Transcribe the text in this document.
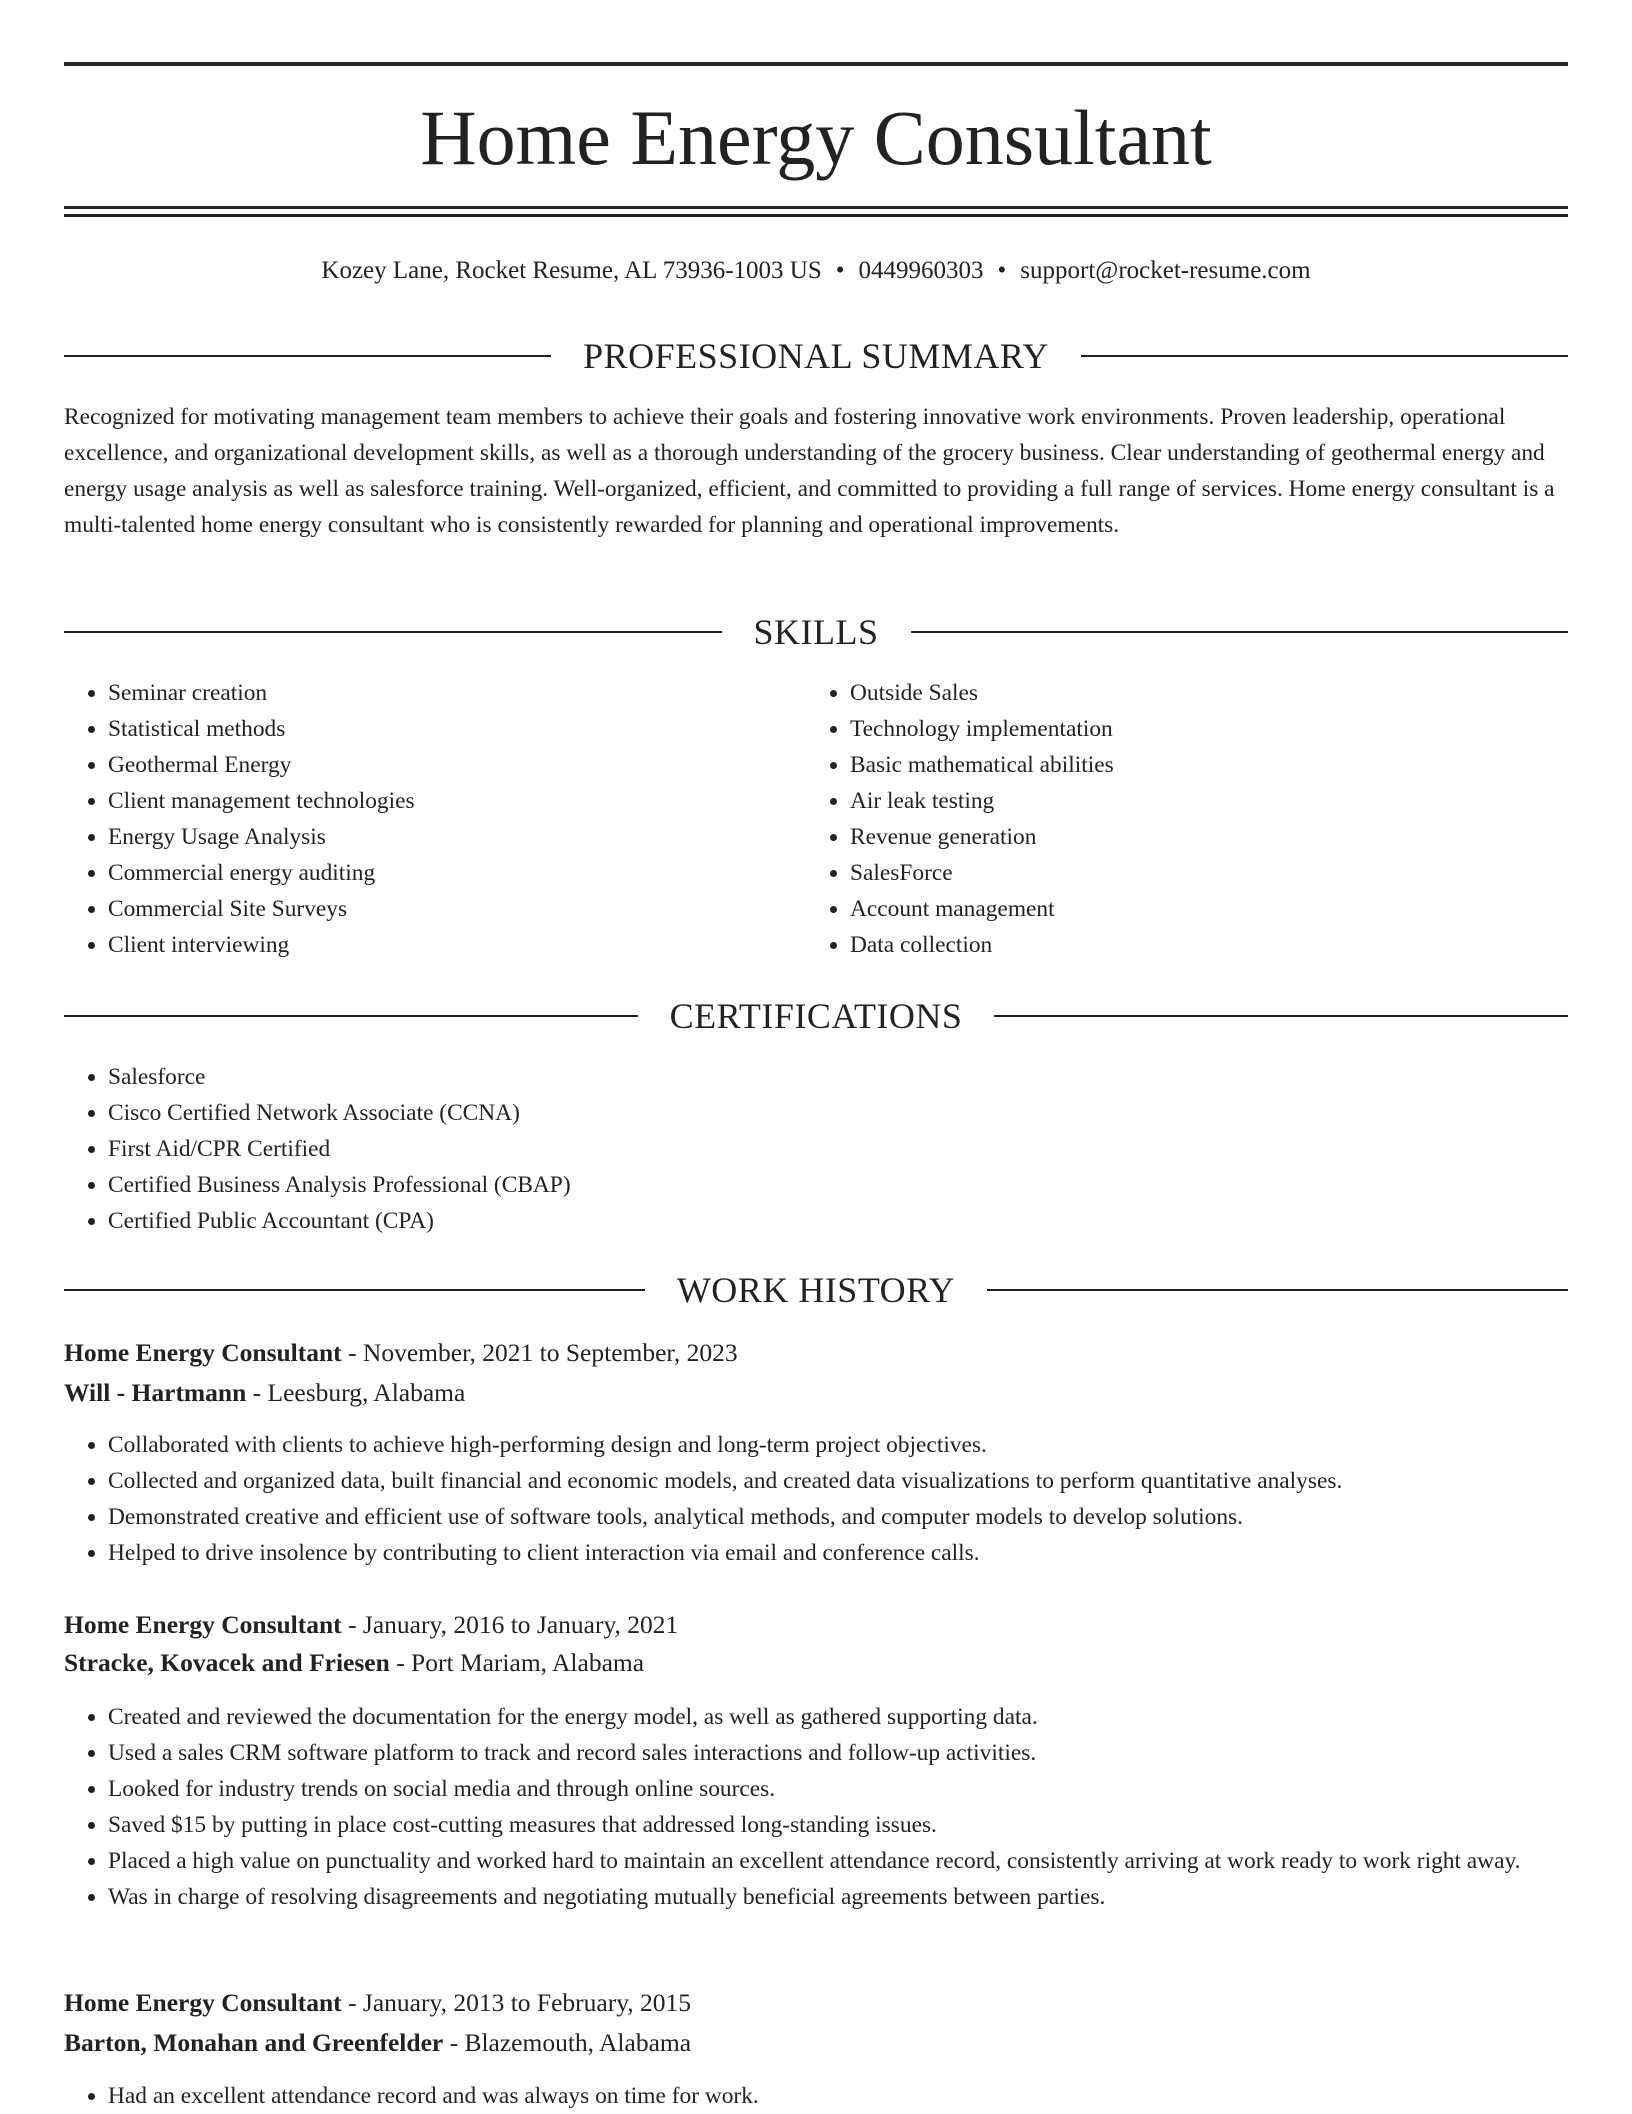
Home Energy Consultant
Kozey Lane, Rocket Resume, AL 73936-1003 US • 0449960303 • support@rocket-resume.com
PROFESSIONAL SUMMARY

Recognized for motivating management team members to achieve their goals and fostering innovative work environments. Proven leadership, operational excellence, and organizational development skills, as well as a thorough understanding of the grocery business. Clear understanding of geothermal energy and energy usage analysis as well as salesforce training. Well-organized, efficient, and committed to providing a full range of services. Home energy consultant is a multi-talented home energy consultant who is consistently rewarded for planning and operational improvements.

SKILLS
• Seminar creation
• Statistical methods
• Geothermal Energy
• Client management technologies
• Energy Usage Analysis
• Commercial energy auditing
• Commercial Site Surveys
• Client interviewing
• Outside Sales
• Technology implementation
• Basic mathematical abilities
• Air leak testing
• Revenue generation
• SalesForce
• Account management
• Data collection
CERTIFICATIONS
• Salesforce
• Cisco Certified Network Associate (CCNA)
• First Aid/CPR Certified
• Certified Business Analysis Professional (CBAP)
• Certified Public Accountant (CPA)
WORK HISTORY
Home Energy Consultant - November, 2021 to September, 2023
Will - Hartmann - Leesburg, Alabama
• Collaborated with clients to achieve high-performing design and long-term project objectives.
• Collected and organized data, built financial and economic models, and created data visualizations to perform quantitative analyses.
• Demonstrated creative and efficient use of software tools, analytical methods, and computer models to develop solutions.
• Helped to drive insolence by contributing to client interaction via email and conference calls.
Home Energy Consultant - January, 2016 to January, 2021
Stracke, Kovacek and Friesen - Port Mariam, Alabama
• Created and reviewed the documentation for the energy model, as well as gathered supporting data.
• Used a sales CRM software platform to track and record sales interactions and follow-up activities.
• Looked for industry trends on social media and through online sources.
• Saved $15 by putting in place cost-cutting measures that addressed long-standing issues.
• Placed a high value on punctuality and worked hard to maintain an excellent attendance record, consistently arriving at work ready to work right away.
• Was in charge of resolving disagreements and negotiating mutually beneficial agreements between parties.
Home Energy Consultant - January, 2013 to February, 2015
Barton, Monahan and Greenfelder - Blazemouth, Alabama
• Had an excellent attendance record and was always on time for work.
